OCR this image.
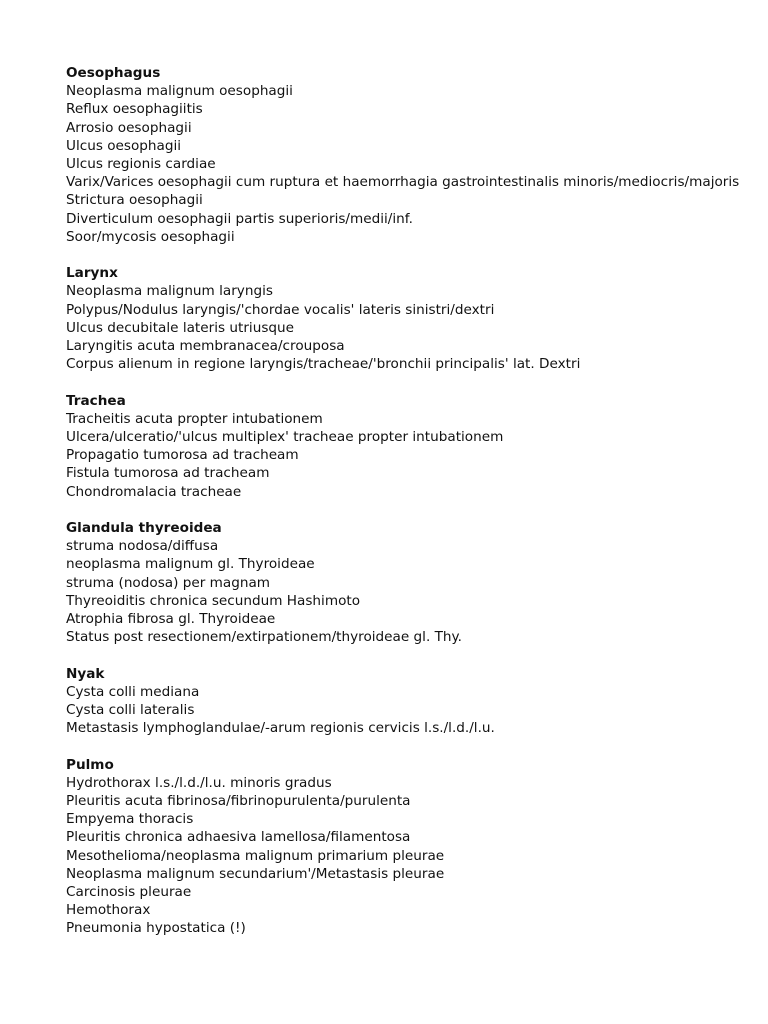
Oesophagus
Neoplasma malignum oesophagii
Reflux oesophagiitis
Arrosio oesophagii
Ulcus oesophagii
Ulcus regionis cardiae
Varix/Varices oesophagii cum ruptura et haemorrhagia gastrointestinalis minoris/mediocris/majoris
Strictura oesophagii
Diverticulum oesophagii partis superioris/medii/inf.
Soor/mycosis oesophagii
Larynx
Neoplasma malignum laryngis
Polypus/Nodulus laryngis/'chordae vocalis' lateris sinistri/dextri
Ulcus decubitale lateris utriusque
Laryngitis acuta membranacea/crouposa
Corpus alienum in regione laryngis/tracheae/'bronchii principalis' lat. Dextri
Trachea
Tracheitis acuta propter intubationem
Ulcera/ulceratio/'ulcus multiplex' tracheae propter intubationem
Propagatio tumorosa ad tracheam
Fistula tumorosa ad tracheam
Chondromalacia tracheae
Glandula thyreoidea
struma nodosa/diffusa
neoplasma malignum gl. Thyroideae
struma (nodosa) per magnam
Thyreoiditis chronica secundum Hashimoto
Atrophia fibrosa gl. Thyroideae
Status post resectionem/extirpationem/thyroideae gl. Thy.
Nyak
Cysta colli mediana
Cysta colli lateralis
Metastasis lymphoglandulae/-arum regionis cervicis l.s./l.d./l.u.
Pulmo
Hydrothorax l.s./l.d./l.u. minoris gradus
Pleuritis acuta fibrinosa/fibrinopurulenta/purulenta
Empyema thoracis
Pleuritis chronica adhaesiva lamellosa/filamentosa
Mesothelioma/neoplasma malignum primarium pleurae
Neoplasma malignum secundarium'/Metastasis pleurae
Carcinosis pleurae
Hemothorax
Pneumonia hypostatica (!)
